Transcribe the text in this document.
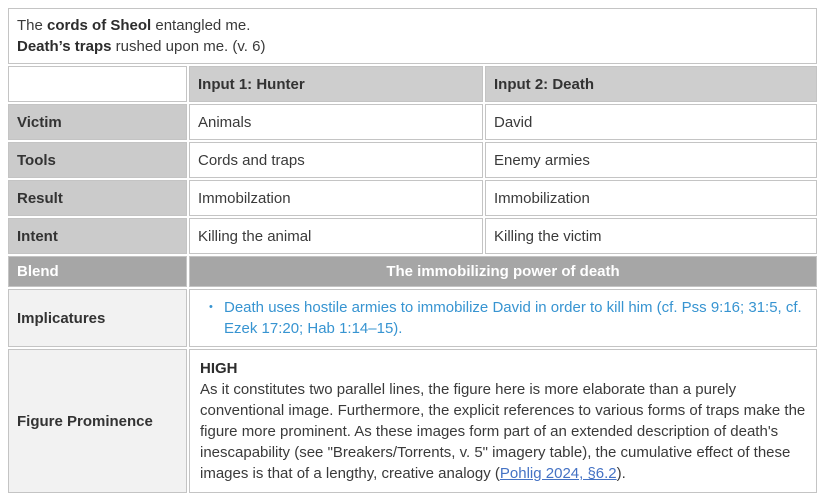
The cords of Sheol entangled me.
Death’s traps rushed upon me. (v. 6)		

	Input 1: Hunter	Input 2: Death
Victim	Animals	David
Tools	Cords and traps	Enemy armies
Result	Immobilzation	Immobilization
Intent	Killing the animal	Killing the victim
Blend	The immobilizing power of death	
Implicatures	• Death uses hostile armies to immobilize David in order to kill him (cf. Pss 9:16; 31:5, cf. Ezek 17:20; Hab 1:14–15).	

Figure Prominence	HIGH
As it constitutes two parallel lines, the figure here is more elaborate than a purely conventional image. Furthermore, the explicit references to various forms of traps make the figure more prominent. As these images form part of an extended description of death's inescapability (see "Breakers/Torrents, v. 5" imagery table), the cumulative effect of these images is that of a lengthy, creative analogy (Pohlig 2024, §6.2).	
